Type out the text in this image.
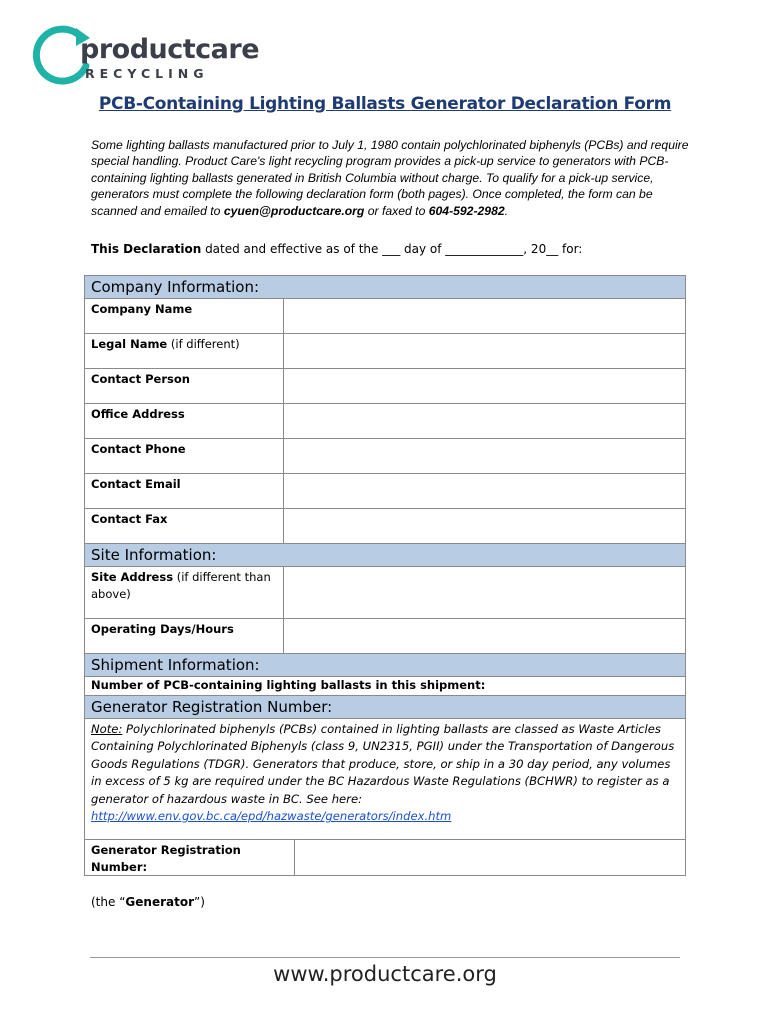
productcare
RECYCLING
PCB-Containing Lighting Ballasts Generator Declaration Form
Some lighting ballasts manufactured prior to July 1, 1980 contain polychlorinated biphenyls (PCBs) and require special handling. Product Care's light recycling program provides a pick-up service to generators with PCB-containing lighting ballasts generated in British Columbia without charge. To qualify for a pick-up service, generators must complete the following declaration form (both pages). Once completed, the form can be scanned and emailed to cyuen@productcare.org or faxed to 604-592-2982.
This Declaration dated and effective as of the ___ day of _____________, 20__ for:
Company Information:
Company Name
Legal Name (if different)
Contact Person
Office Address
Contact Phone
Contact Email
Contact Fax
Site Information:
Site Address (if different than above)
Operating Days/Hours
Shipment Information:
Number of PCB-containing lighting ballasts in this shipment:
Generator Registration Number:
Note: Polychlorinated biphenyls (PCBs) contained in lighting ballasts are classed as Waste Articles Containing Polychlorinated Biphenyls (class 9, UN2315, PGII) under the Transportation of Dangerous Goods Regulations (TDGR). Generators that produce, store, or ship in a 30 day period, any volumes in excess of 5 kg are required under the BC Hazardous Waste Regulations (BCHWR) to register as a generator of hazardous waste in BC. See here:
http://www.env.gov.bc.ca/epd/hazwaste/generators/index.htm
Generator Registration Number:
(the “Generator”)
www.productcare.org
